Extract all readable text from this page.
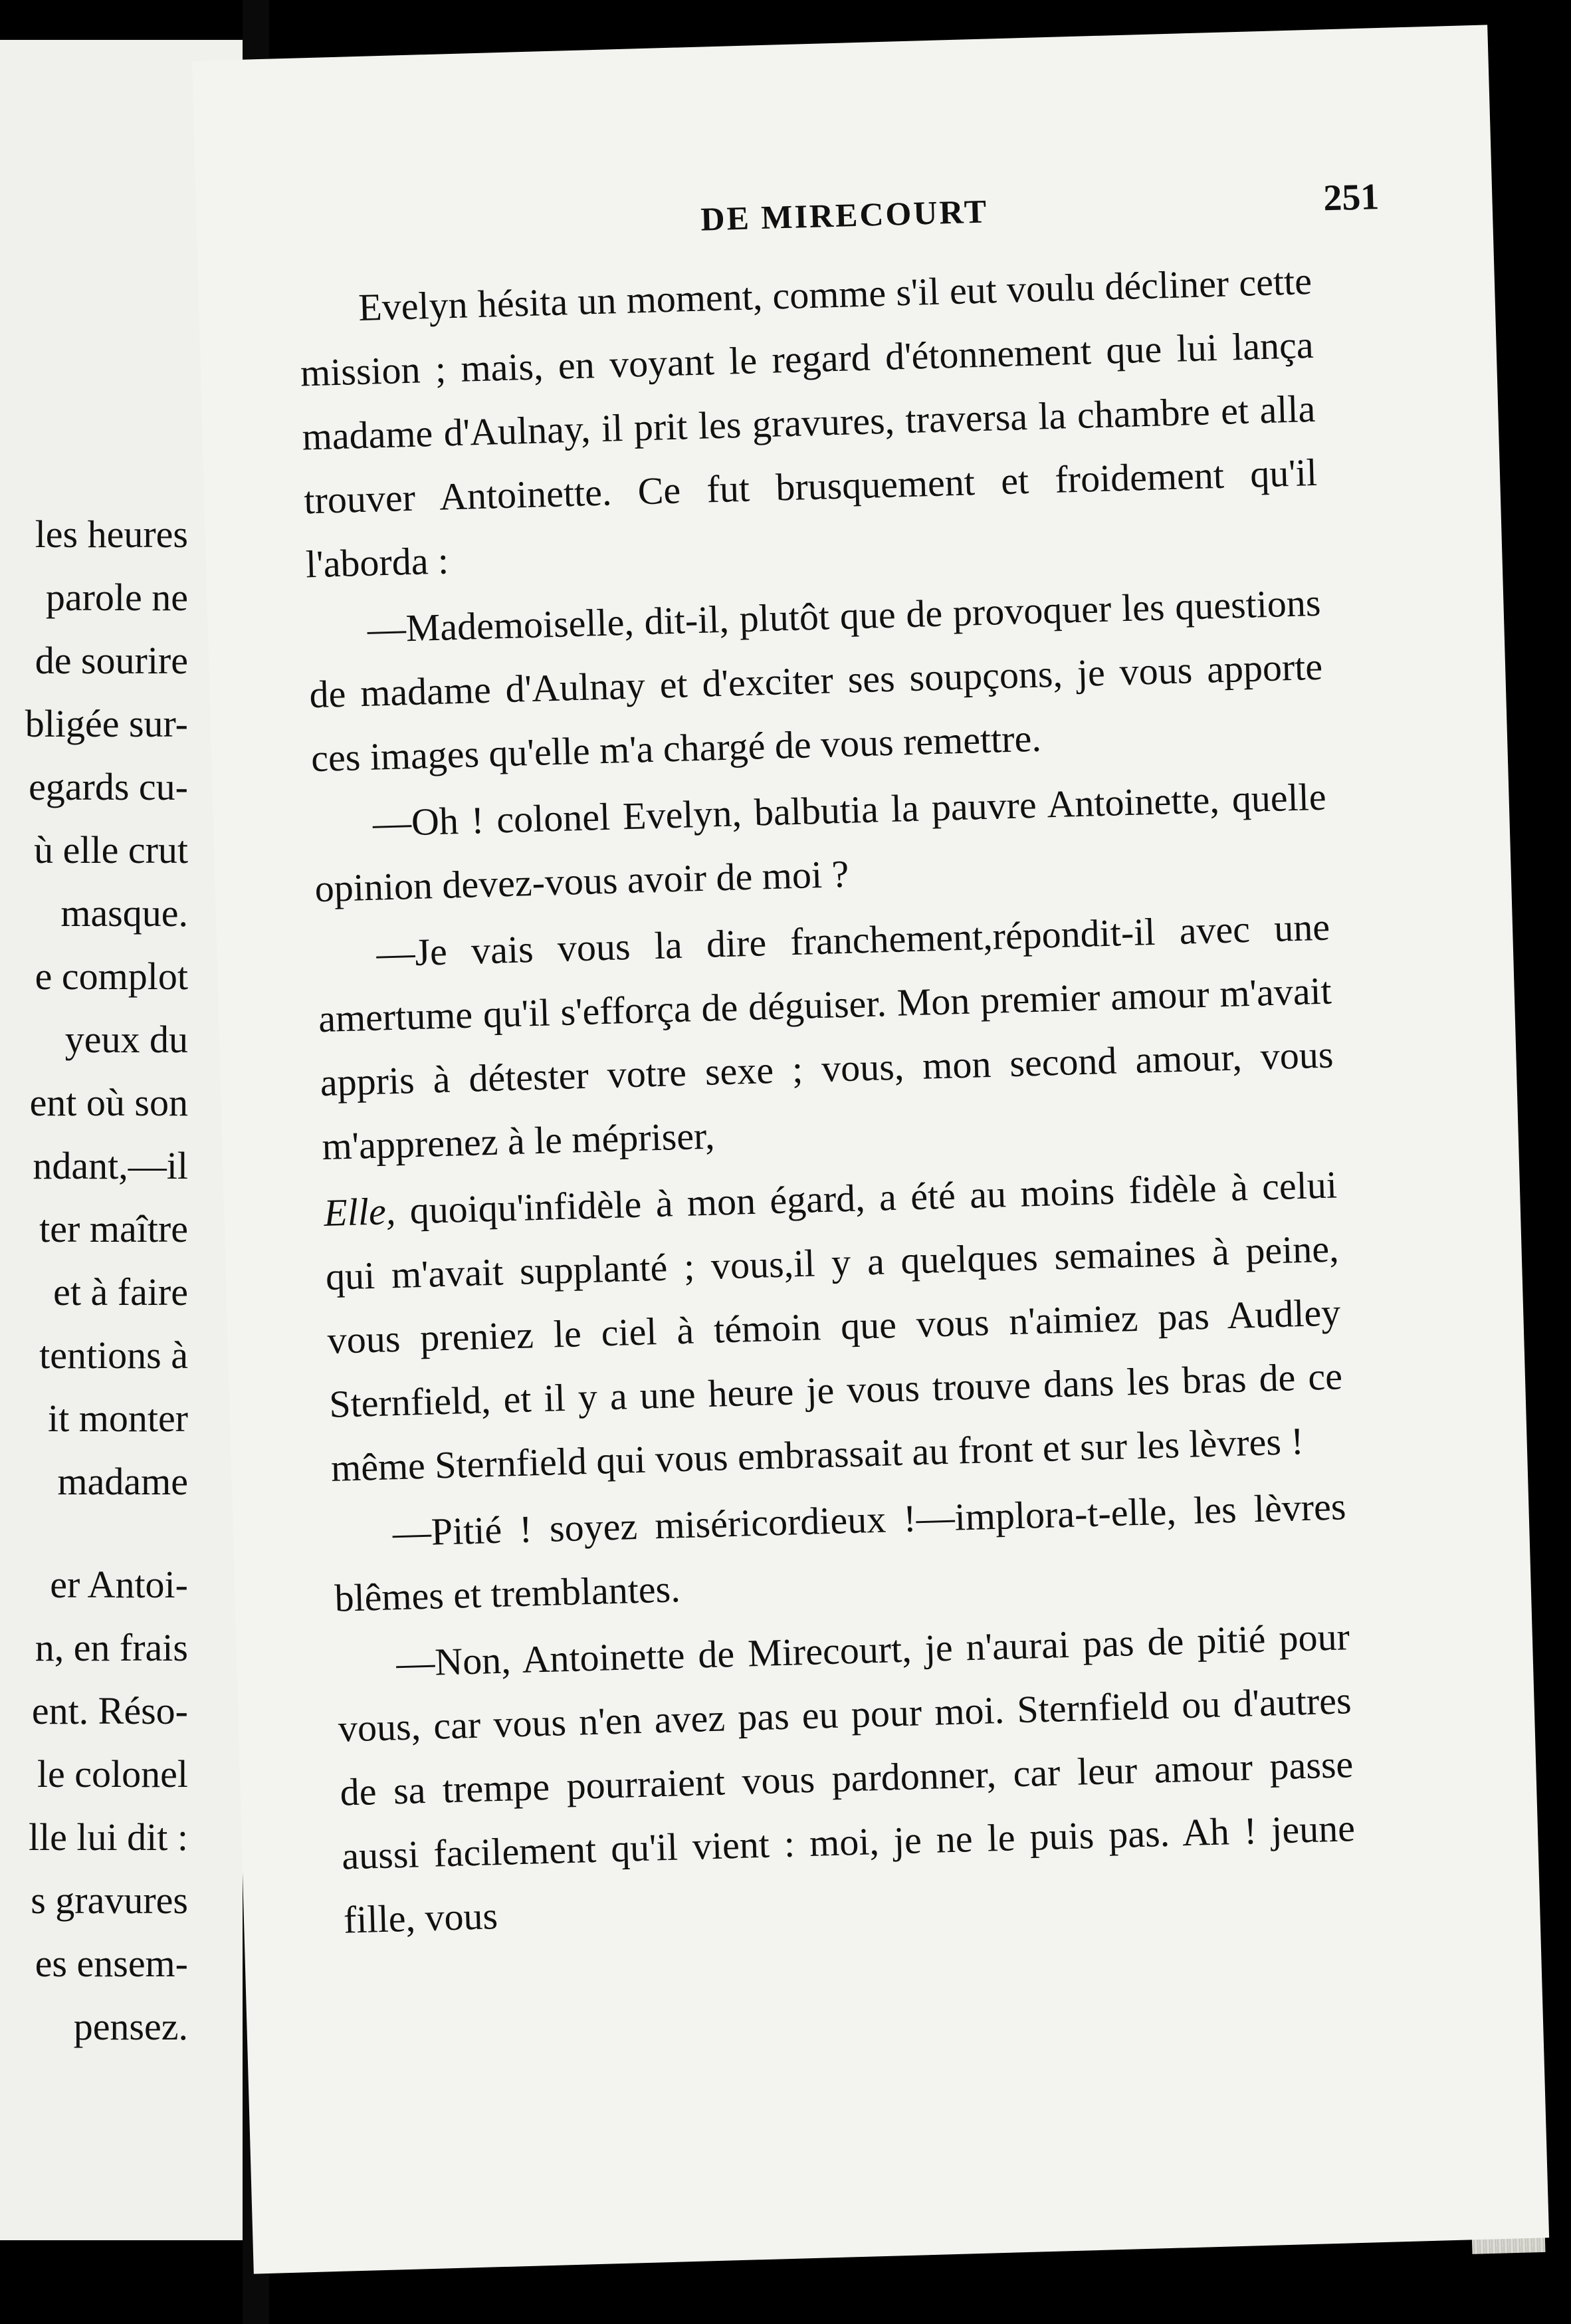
les heures
parole ne
de sourire
bligée sur-
egards cu-
ù elle crut
masque.
e complot
yeux du
ent où son
ndant,—il
ter maître
et à faire
tentions à
it monter
madame
er Antoi-
n, en frais
ent. Réso-
le colonel
lle lui dit :
s gravures
es ensem-
pensez.
DE MIRECOURT	251

Evelyn hésita un moment, comme s'il eut voulu décliner cette mission ; mais, en voyant le regard d'étonnement que lui lança madame d'Aulnay, il prit les gravures, traversa la chambre et alla trouver Antoinette. Ce fut brusquement et froidement qu'il l'aborda :

—Mademoiselle, dit-il, plutôt que de provoquer les questions de madame d'Aulnay et d'exciter ses soupçons, je vous apporte ces images qu'elle m'a chargé de vous remettre.

—Oh ! colonel Evelyn, balbutia la pauvre Antoinette, quelle opinion devez-vous avoir de moi ?

—Je vais vous la dire franchement,répondit-il avec une amertume qu'il s'efforça de déguiser. Mon premier amour m'avait appris à détester votre sexe ; vous, mon second amour, vous m'apprenez à le mépriser,

Elle, quoiqu'infidèle à mon égard, a été au moins fidèle à celui qui m'avait supplanté ; vous,il y a quelques semaines à peine, vous preniez le ciel à témoin que vous n'aimiez pas Audley Sternfield, et il y a une heure je vous trouve dans les bras de ce même Sternfield qui vous embrassait au front et sur les lèvres !

—Pitié ! soyez miséricordieux !—implora-t-elle, les lèvres blêmes et tremblantes.

—Non, Antoinette de Mirecourt, je n'aurai pas de pitié pour vous, car vous n'en avez pas eu pour moi. Sternfield ou d'autres de sa trempe pourraient vous pardonner, car leur amour passe aussi facilement qu'il vient : moi, je ne le puis pas. Ah ! jeune fille, vous
